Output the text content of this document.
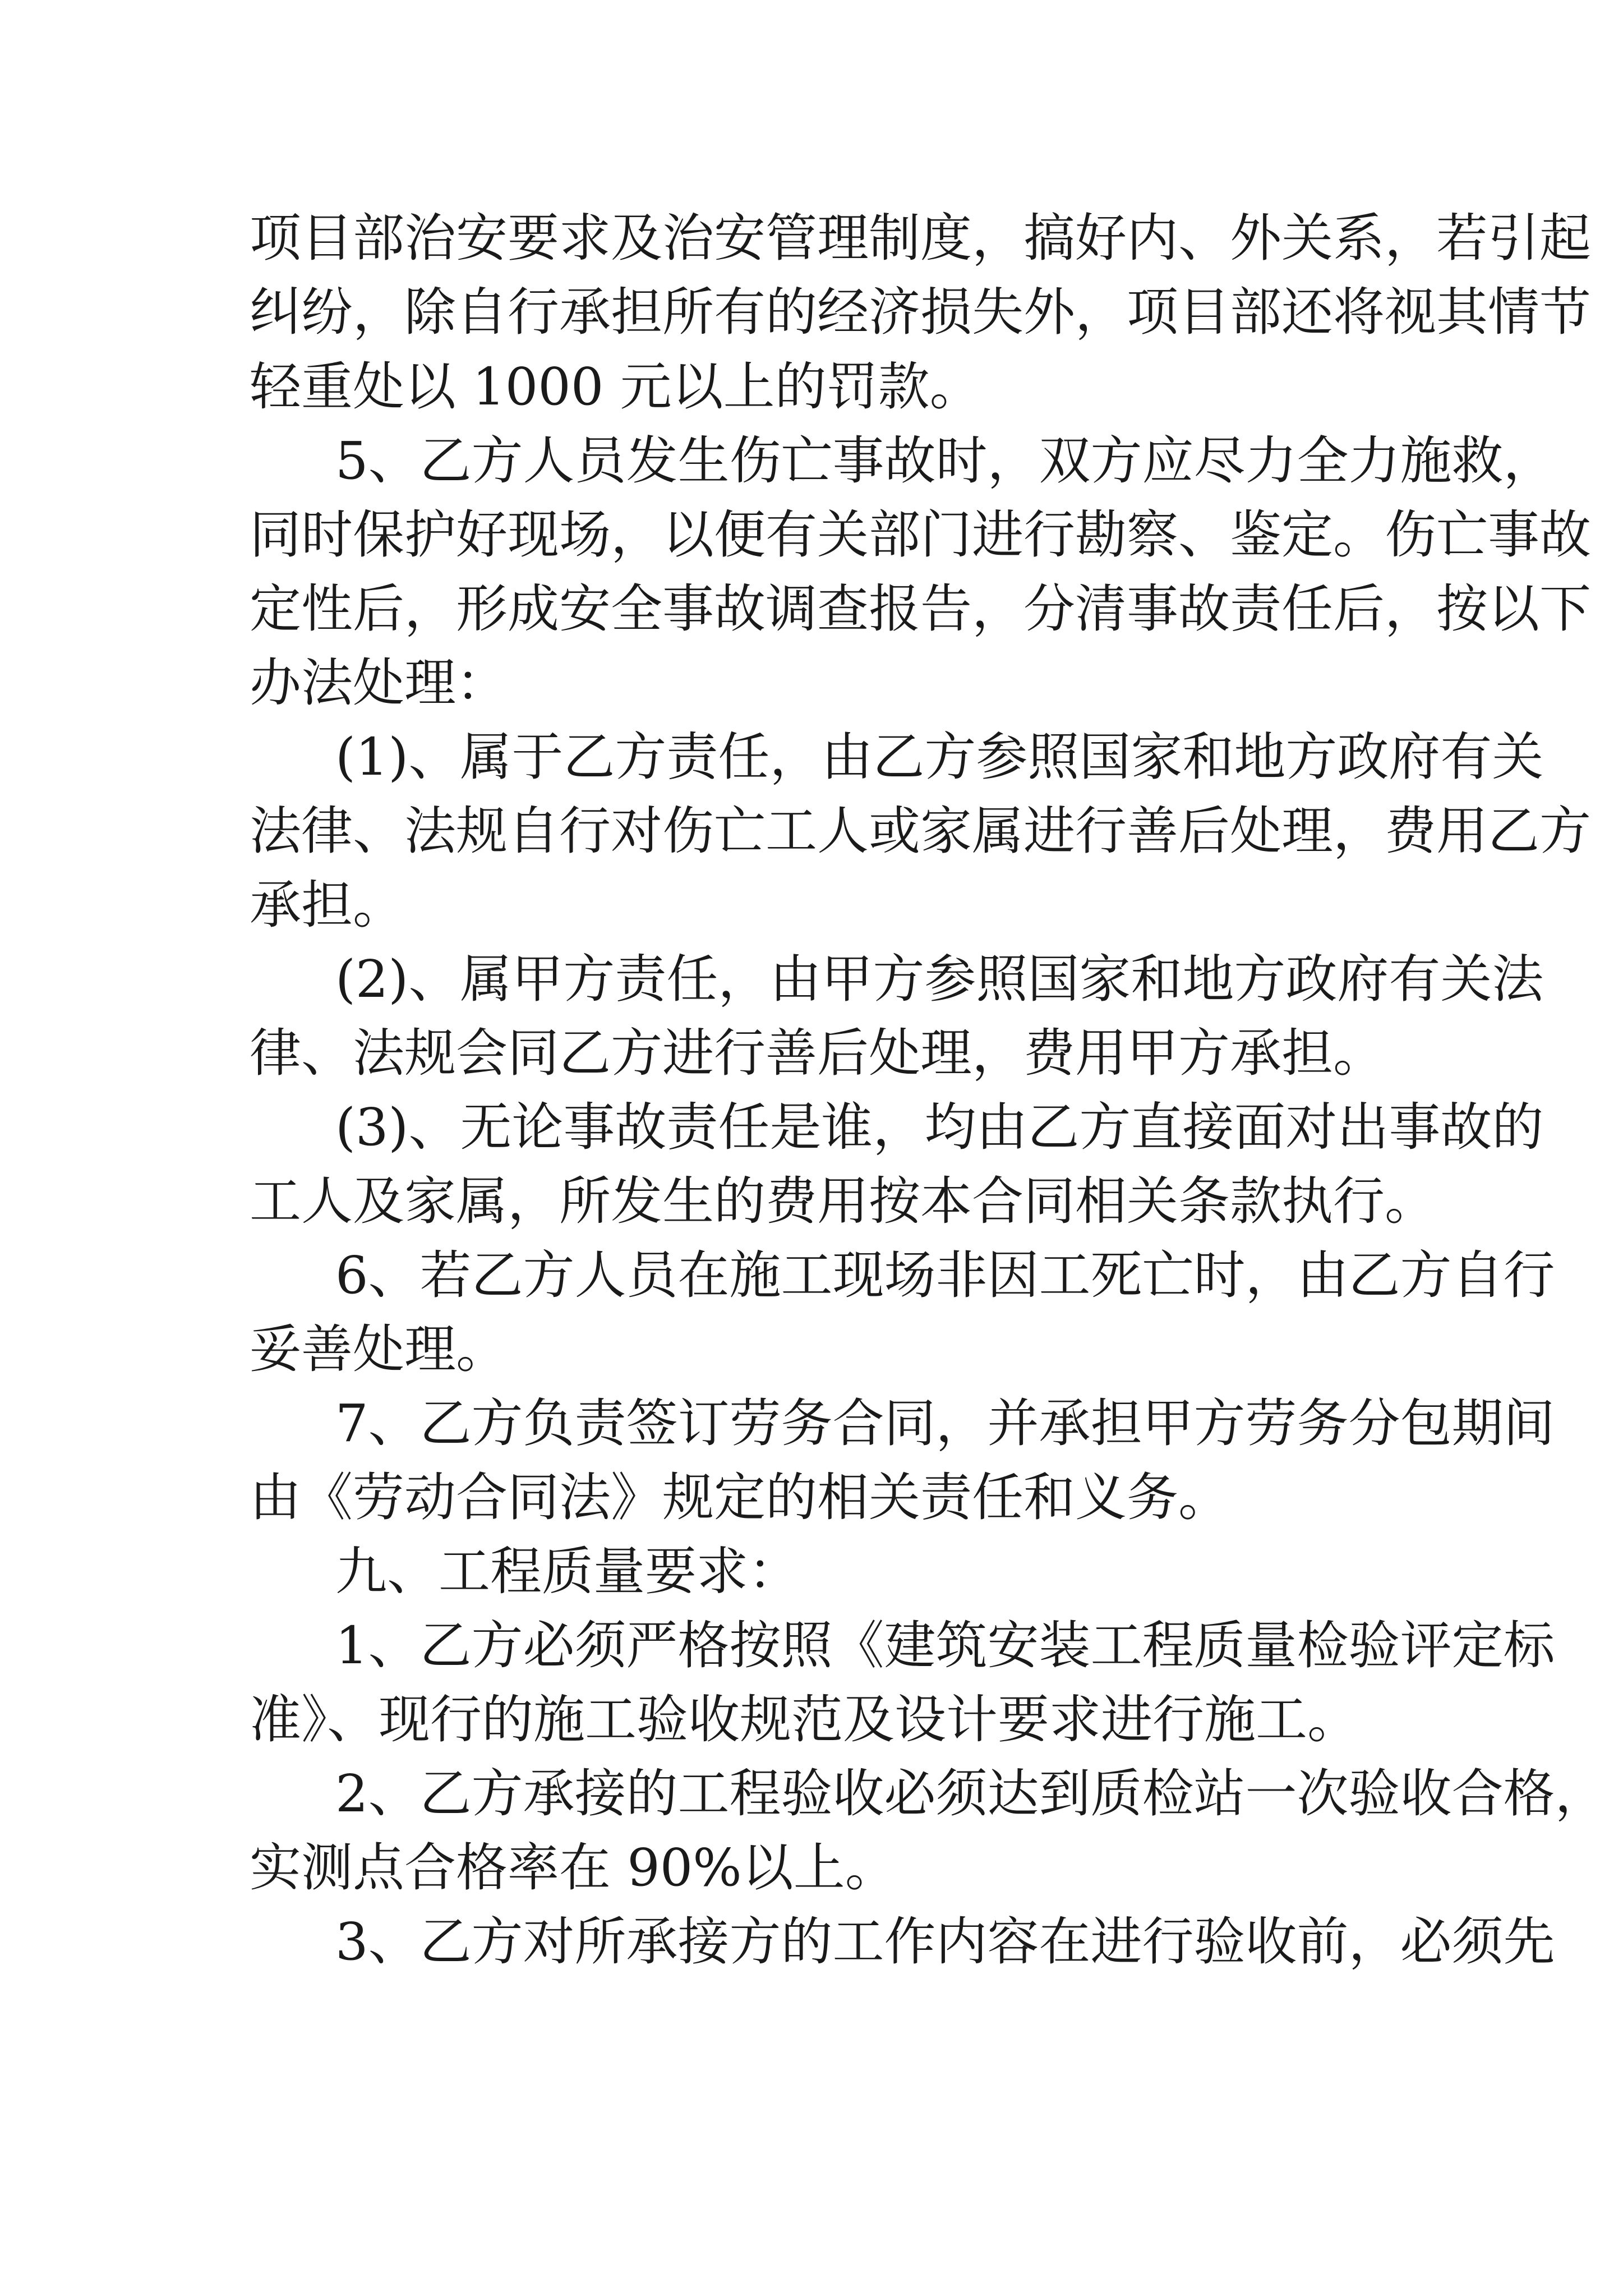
项目部治安要求及治安管理制度，搞好内、外关系，若引起
纠纷，除自行承担所有的经济损失外，项目部还将视其情节
轻重处以 1000 元以上的罚款。
5、乙方人员发生伤亡事故时，双方应尽力全力施救，
同时保护好现场，以便有关部门进行勘察、鉴定。伤亡事故
定性后，形成安全事故调查报告，分清事故责任后，按以下
办法处理：
(1)、属于乙方责任，由乙方参照国家和地方政府有关
法律、法规自行对伤亡工人或家属进行善后处理，费用乙方
承担。
(2)、属甲方责任，由甲方参照国家和地方政府有关法
律、法规会同乙方进行善后处理，费用甲方承担。
(3)、无论事故责任是谁，均由乙方直接面对出事故的
工人及家属，所发生的费用按本合同相关条款执行。
6、若乙方人员在施工现场非因工死亡时，由乙方自行
妥善处理。
7、乙方负责签订劳务合同，并承担甲方劳务分包期间
由《劳动合同法》规定的相关责任和义务。
九、工程质量要求：
1、乙方必须严格按照《建筑安装工程质量检验评定标
准》、现行的施工验收规范及设计要求进行施工。
2、乙方承接的工程验收必须达到质检站一次验收合格，
实测点合格率在 90%以上。
3、乙方对所承接方的工作内容在进行验收前，必须先
